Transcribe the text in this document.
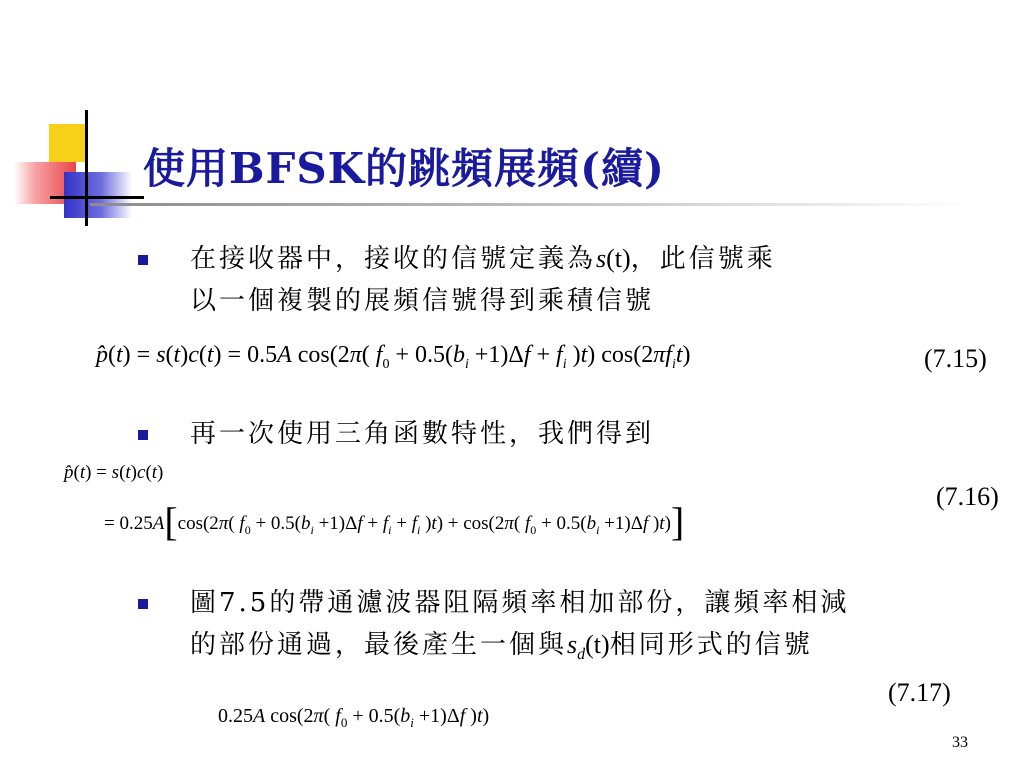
使用BFSK的跳頻展頻(續)
在接收器中，接收的信號定義為s(t)，此信號乘
以一個複製的展頻信號得到乘積信號
p̂(t) = s(t)c(t) = 0.5A cos(2π( $f_0 + 0.5(b_i +1)\Delta f + f_i$ )t) $\cos(2\pi f_it)$	(7.15)
再一次使用三角函數特性，我們得到
p̂(t) = s(t)c(t)
= 0.25A[cos(2π( $f_0 + 0.5(b_i +1)\Delta f + f_i + f_i$ )t) + cos(2π( $f_0 + 0.5(b_i +1)\Delta f$ )t)]
(7.16)
圖7.5的帶通濾波器阻隔頻率相加部份，讓頻率相減
的部份通過，最後產生一個與$s_d(t)$相同形式的信號
(7.17)
0.25A cos(2π( $f_0 + 0.5(b_i +1)\Delta f$ )t)
33
